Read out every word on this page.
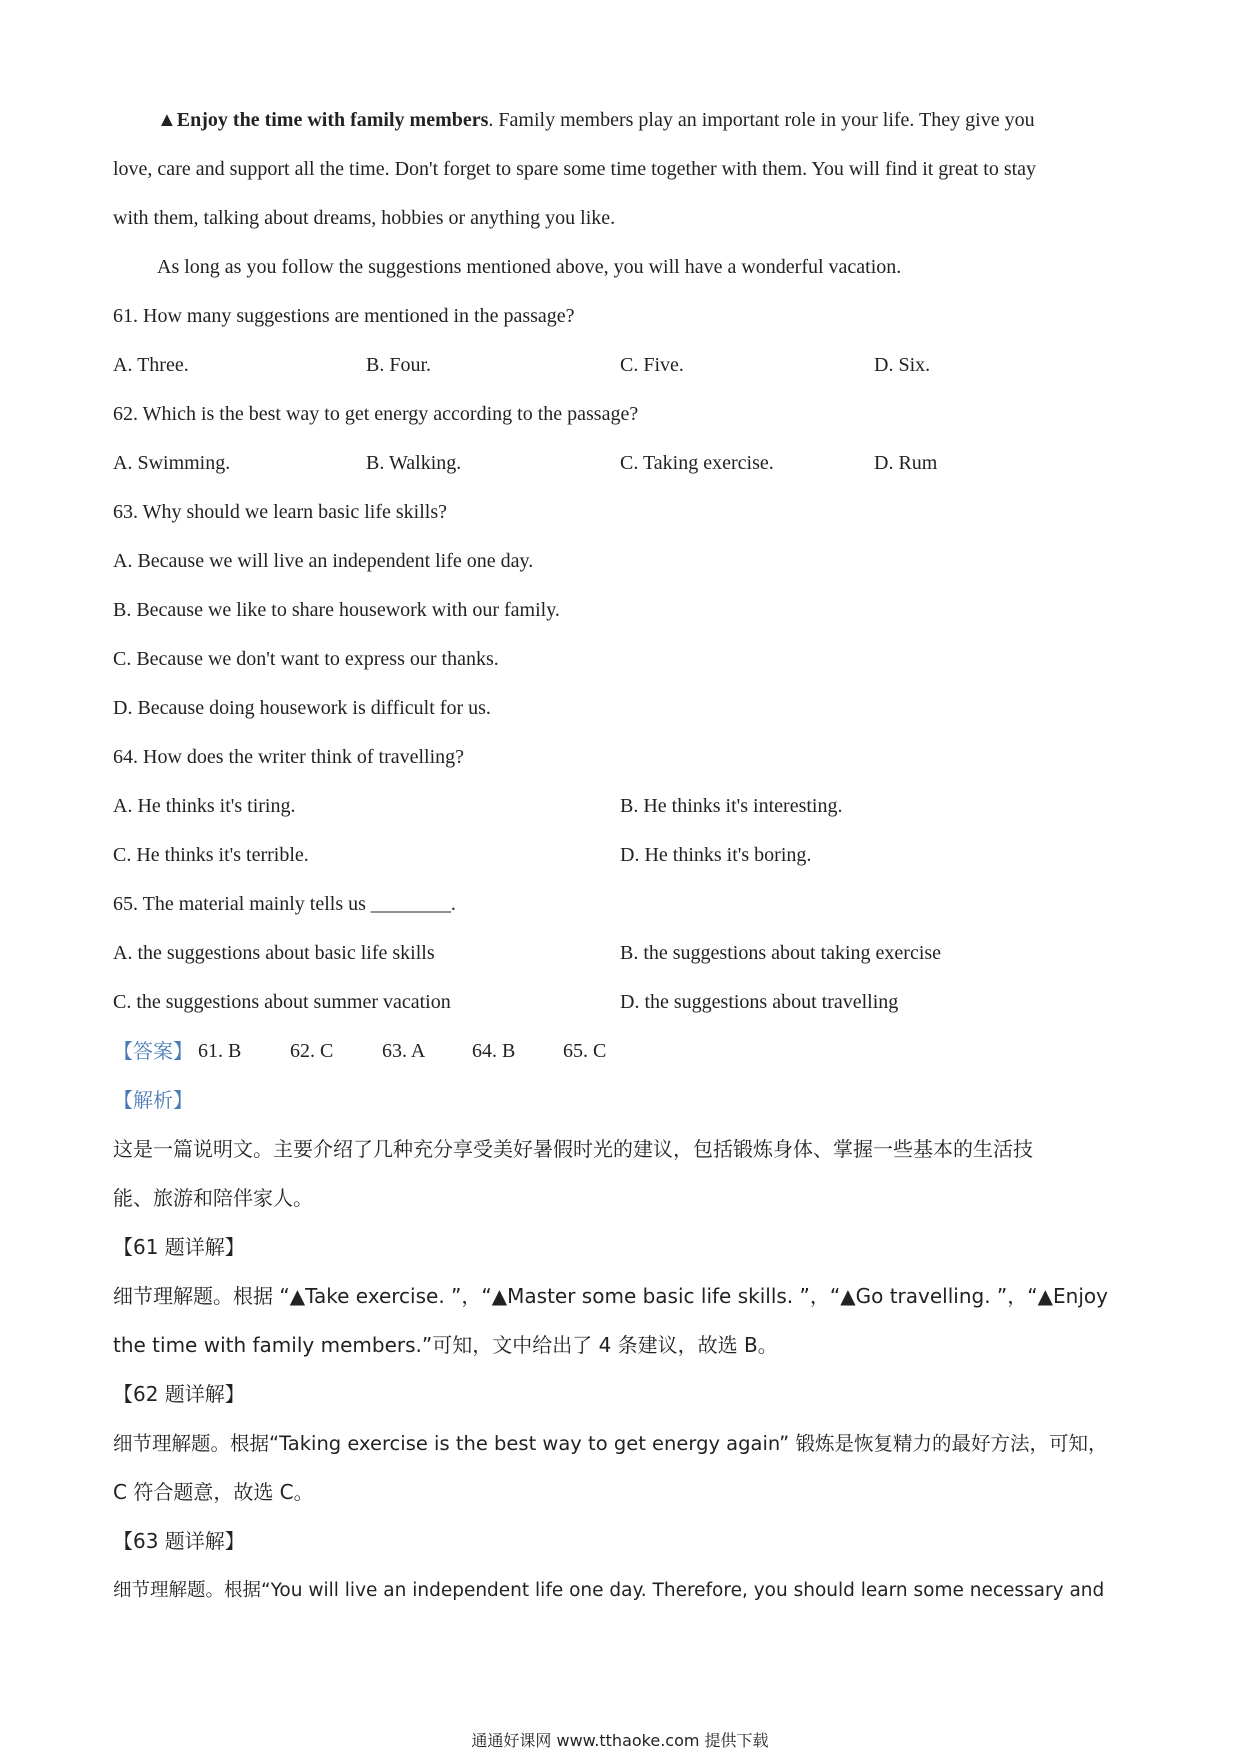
▲Enjoy the time with family members. Family members play an important role in your life. They give you
love, care and support all the time. Don't forget to spare some time together with them. You will find it great to stay
with them, talking about dreams, hobbies or anything you like.
As long as you follow the suggestions mentioned above, you will have a wonderful vacation.
61. How many suggestions are mentioned in the passage?
A. Three.	B. Four.	C. Five.	D. Six.
62. Which is the best way to get energy according to the passage?
A. Swimming.	B. Walking.	C. Taking exercise.	D. Rum
63. Why should we learn basic life skills?
A. Because we will live an independent life one day.
B. Because we like to share housework with our family.
C. Because we don't want to express our thanks.
D. Because doing housework is difficult for us.
64. How does the writer think of travelling?
A. He thinks it's tiring.	B. He thinks it's interesting.
C. He thinks it's terrible.	D. He thinks it's boring.
65. The material mainly tells us ________.
A. the suggestions about basic life skills	B. the suggestions about taking exercise
C. the suggestions about summer vacation	D. the suggestions about travelling
【答案】 61. B 62. C 63. A 64. B 65. C
【解析】
这是一篇说明文。主要介绍了几种充分享受美好暑假时光的建议，包括锻炼身体、掌握一些基本的生活技
能、旅游和陪伴家人。
【61 题详解】
细节理解题。根据 “▲Take exercise. ”，“▲Master some basic life skills. ”，“▲Go travelling. ”，“▲Enjoy
the time with family members.”可知，文中给出了 4 条建议，故选 B。
【62 题详解】
细节理解题。根据“Taking exercise is the best way to get energy again” 锻炼是恢复精力的最好方法，可知，
C 符合题意，故选 C。
【63 题详解】
细节理解题。根据“You will live an independent life one day. Therefore, you should learn some necessary and
通通好课网 www.tthaoke.com 提供下载
